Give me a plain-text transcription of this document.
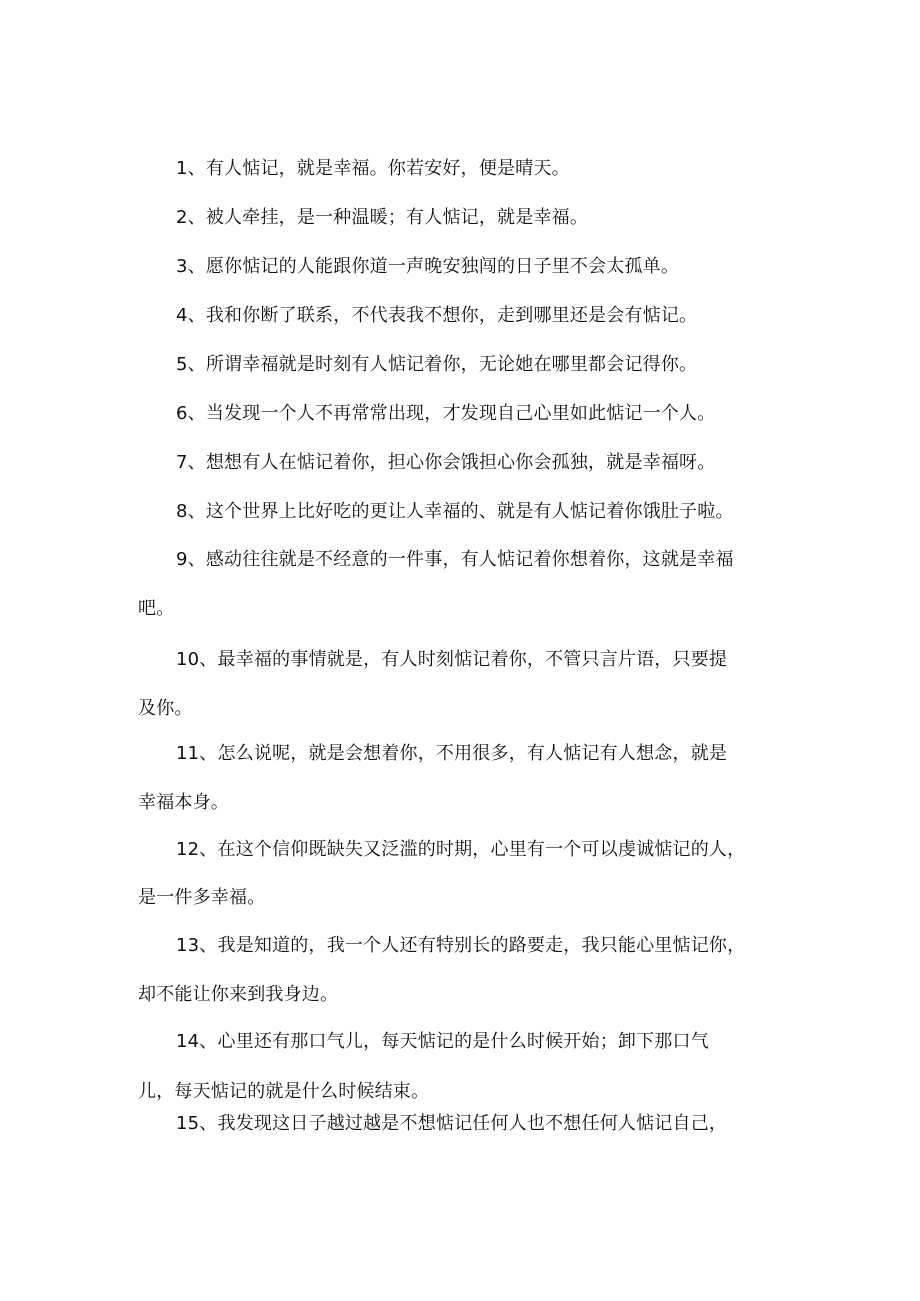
1、有人惦记，就是幸福。你若安好，便是晴天。
2、被人牵挂，是一种温暖；有人惦记，就是幸福。
3、愿你惦记的人能跟你道一声晚安独闯的日子里不会太孤单。
4、我和你断了联系，不代表我不想你，走到哪里还是会有惦记。
5、所谓幸福就是时刻有人惦记着你，无论她在哪里都会记得你。
6、当发现一个人不再常常出现，才发现自己心里如此惦记一个人。
7、想想有人在惦记着你，担心你会饿担心你会孤独，就是幸福呀。
8、这个世界上比好吃的更让人幸福的、就是有人惦记着你饿肚子啦。
9、感动往往就是不经意的一件事，有人惦记着你想着你，这就是幸福
吧。
10、最幸福的事情就是，有人时刻惦记着你，不管只言片语，只要提
及你。
11、怎么说呢，就是会想着你，不用很多，有人惦记有人想念，就是
幸福本身。
12、在这个信仰既缺失又泛滥的时期，心里有一个可以虔诚惦记的人，
是一件多幸福。
13、我是知道的，我一个人还有特别长的路要走，我只能心里惦记你，
却不能让你来到我身边。
14、心里还有那口气儿，每天惦记的是什么时候开始；卸下那口气
儿，每天惦记的就是什么时候结束。
15、我发现这日子越过越是不想惦记任何人也不想任何人惦记自己，
